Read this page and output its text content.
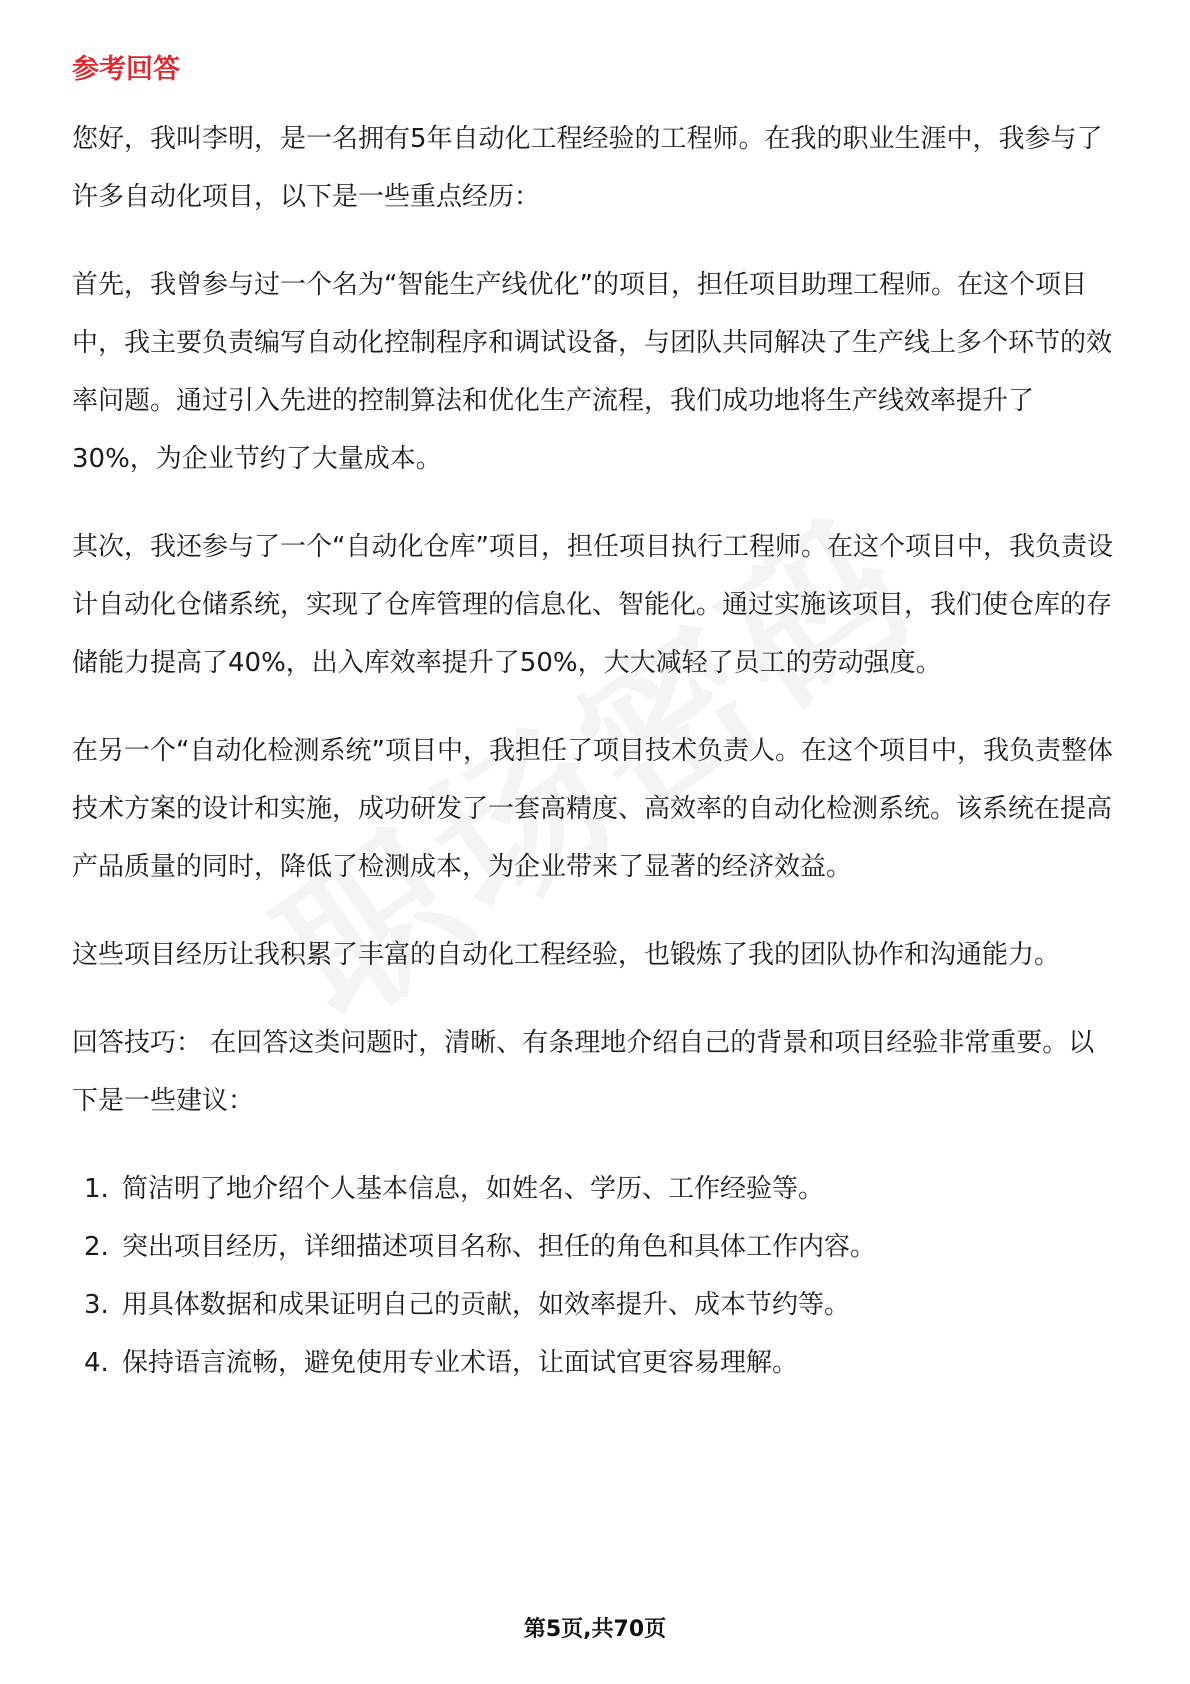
参考回答

您好，我叫李明，是一名拥有5年自动化工程经验的工程师。在我的职业生涯中，我参与了许多自动化项目，以下是一些重点经历：

首先，我曾参与过一个名为“智能生产线优化”的项目，担任项目助理工程师。在这个项目中，我主要负责编写自动化控制程序和调试设备，与团队共同解决了生产线上多个环节的效率问题。通过引入先进的控制算法和优化生产流程，我们成功地将生产线效率提升了30%，为企业节约了大量成本。

其次，我还参与了一个“自动化仓库”项目，担任项目执行工程师。在这个项目中，我负责设计自动化仓储系统，实现了仓库管理的信息化、智能化。通过实施该项目，我们使仓库的存储能力提高了40%，出入库效率提升了50%，大大减轻了员工的劳动强度。

在另一个“自动化检测系统”项目中，我担任了项目技术负责人。在这个项目中，我负责整体技术方案的设计和实施，成功研发了一套高精度、高效率的自动化检测系统。该系统在提高产品质量的同时，降低了检测成本，为企业带来了显著的经济效益。

这些项目经历让我积累了丰富的自动化工程经验，也锻炼了我的团队协作和沟通能力。

回答技巧： 在回答这类问题时，清晰、有条理地介绍自己的背景和项目经验非常重要。以下是一些建议：

1. 简洁明了地介绍个人基本信息，如姓名、学历、工作经验等。
2. 突出项目经历，详细描述项目名称、担任的角色和具体工作内容。
3. 用具体数据和成果证明自己的贡献，如效率提升、成本节约等。
4. 保持语言流畅，避免使用专业术语，让面试官更容易理解。
第5页,共70页
